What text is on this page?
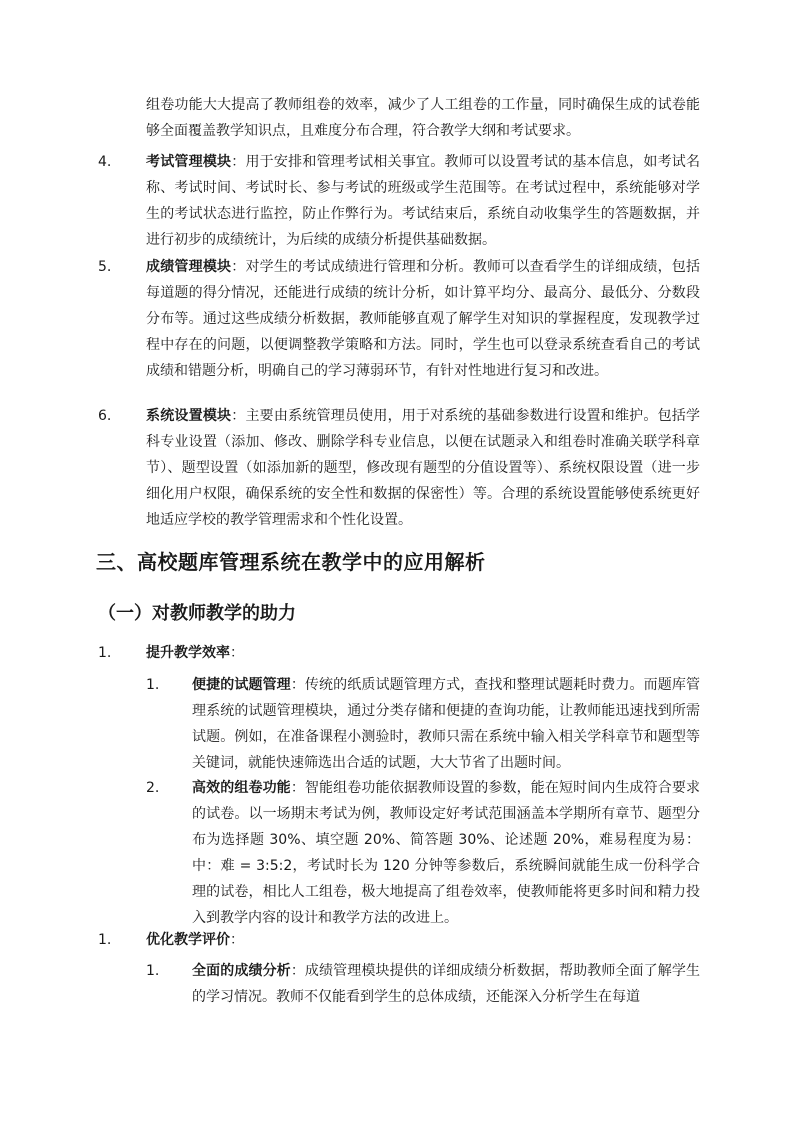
组卷功能大大提高了教师组卷的效率，减少了人工组卷的工作量，同时确保生成的试卷能够全面覆盖教学知识点，且难度分布合理，符合教学大纲和考试要求。
4. 考试管理模块：用于安排和管理考试相关事宜。教师可以设置考试的基本信息，如考试名称、考试时间、考试时长、参与考试的班级或学生范围等。在考试过程中，系统能够对学生的考试状态进行监控，防止作弊行为。考试结束后，系统自动收集学生的答题数据，并进行初步的成绩统计，为后续的成绩分析提供基础数据。
5. 成绩管理模块：对学生的考试成绩进行管理和分析。教师可以查看学生的详细成绩，包括每道题的得分情况，还能进行成绩的统计分析，如计算平均分、最高分、最低分、分数段分布等。通过这些成绩分析数据，教师能够直观了解学生对知识的掌握程度，发现教学过程中存在的问题，以便调整教学策略和方法。同时，学生也可以登录系统查看自己的考试成绩和错题分析，明确自己的学习薄弱环节，有针对性地进行复习和改进。
6. 系统设置模块：主要由系统管理员使用，用于对系统的基础参数进行设置和维护。包括学科专业设置（添加、修改、删除学科专业信息，以便在试题录入和组卷时准确关联学科章节）、题型设置（如添加新的题型，修改现有题型的分值设置等）、系统权限设置（进一步细化用户权限，确保系统的安全性和数据的保密性）等。合理的系统设置能够使系统更好地适应学校的教学管理需求和个性化设置。
三、高校题库管理系统在教学中的应用解析
（一）对教师教学的助力
1. 提升教学效率：
1. 便捷的试题管理：传统的纸质试题管理方式，查找和整理试题耗时费力。而题库管理系统的试题管理模块，通过分类存储和便捷的查询功能，让教师能迅速找到所需试题。例如，在准备课程小测验时，教师只需在系统中输入相关学科章节和题型等关键词，就能快速筛选出合适的试题，大大节省了出题时间。
2. 高效的组卷功能：智能组卷功能依据教师设置的参数，能在短时间内生成符合要求的试卷。以一场期末考试为例，教师设定好考试范围涵盖本学期所有章节、题型分布为选择题 30%、填空题 20%、简答题 30%、论述题 20%，难易程度为易：中：难 = 3:5:2，考试时长为 120 分钟等参数后，系统瞬间就能生成一份科学合理的试卷，相比人工组卷，极大地提高了组卷效率，使教师能将更多时间和精力投入到教学内容的设计和教学方法的改进上。
1. 优化教学评价：
1. 全面的成绩分析：成绩管理模块提供的详细成绩分析数据，帮助教师全面了解学生的学习情况。教师不仅能看到学生的总体成绩，还能深入分析学生在每道
